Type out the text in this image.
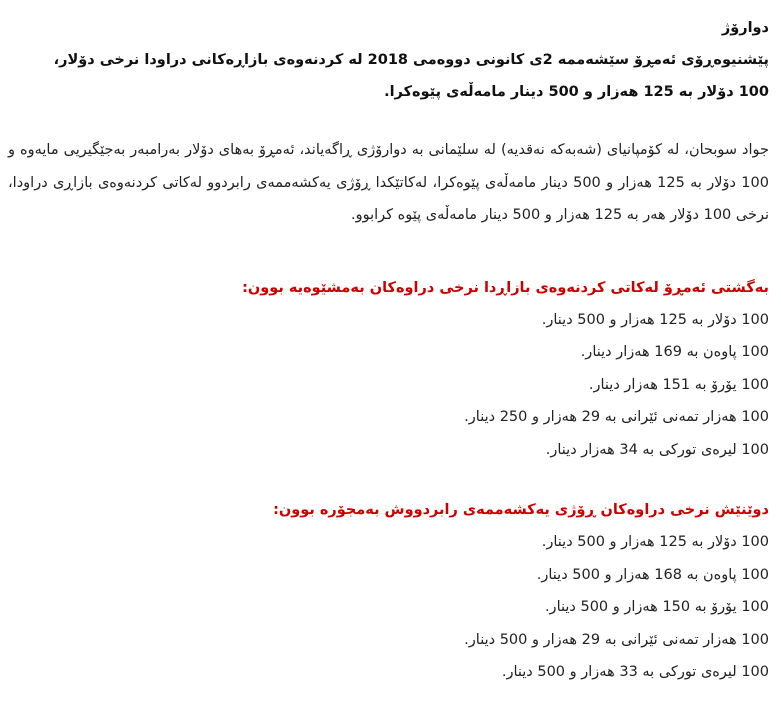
دوارۆژ
پێشنیوەڕۆی ئەمڕۆ سێشەممە 2ی کانونی دووەمی 2018 لە کردنەوەی بازاڕەکانی دراودا نرخی دۆلار،
100 دۆلار بە 125 هەزار و 500 دینار مامەڵەی پێوەکرا.
جواد سوبحان، لە کۆمپانیای (شەبەکە نەقدیە) لە سلێمانی بە دوارۆژی ڕاگەیاند، ئەمڕۆ بەهای دۆلار بەرامبەر بەجێگیریی مایەوە و 100 دۆلار بە 125 هەزار و 500 دینار مامەڵەی پێوەکرا، لەکاتێکدا ڕۆژی یەکشەممەی رابردوو لەکاتی کردنەوەی بازاڕی دراودا، نرخی 100 دۆلار هەر بە 125 هەزار و 500 دینار مامەڵەی پێوە کرابوو.
بەگشتی ئەمڕۆ لەکاتی کردنەوەی بازاڕدا نرخی دراوەکان بەمشێوەیە بوون:
100 دۆلار بە 125 هەزار و 500 دینار.
100 پاوەن بە 169 هەزار دینار.
100 یۆرۆ بە 151 هەزار دینار.
100 هەزار تمەنی ئێرانی بە 29 هەزار و 250 دینار.
100 لیرەی تورکی بە 34 هەزار دینار.
دوێنێش نرخی دراوەکان ڕۆژی یەکشەممەی رابردووش بەمجۆرە بوون:
100 دۆلار بە 125 هەزار و 500 دینار.
100 پاوەن بە 168 هەزار و 500 دینار.
100 یۆرۆ بە 150 هەزار و 500 دینار.
100 هەزار تمەنی ئێرانی بە 29 هەزار و 500 دینار.
100 لیرەی تورکی بە 33 هەزار و 500 دینار.
